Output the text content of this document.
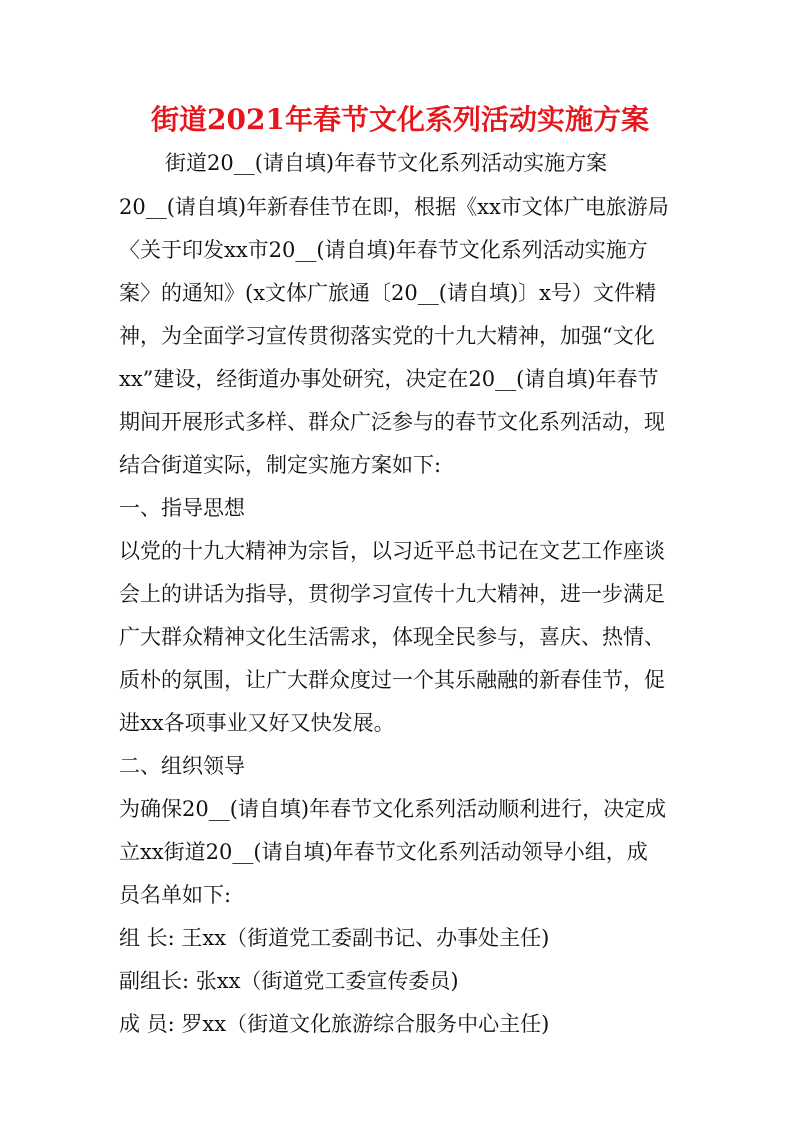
街道2021年春节文化系列活动实施方案
街道20__(请自填)年春节文化系列活动实施方案
20__(请自填)年新春佳节在即，根据《xx市文体广电旅游局
〈关于印发xx市20__(请自填)年春节文化系列活动实施方
案〉的通知》(x文体广旅通〔20__(请自填)〕x号）文件精
神，为全面学习宣传贯彻落实党的十九大精神，加强“文化
xx”建设，经街道办事处研究，决定在20__(请自填)年春节
期间开展形式多样、群众广泛参与的春节文化系列活动，现
结合街道实际，制定实施方案如下:
一、指导思想
以党的十九大精神为宗旨，以习近平总书记在文艺工作座谈
会上的讲话为指导，贯彻学习宣传十九大精神，进一步满足
广大群众精神文化生活需求，体现全民参与，喜庆、热情、
质朴的氛围，让广大群众度过一个其乐融融的新春佳节，促
进xx各项事业又好又快发展。
二、组织领导
为确保20__(请自填)年春节文化系列活动顺利进行，决定成
立xx街道20__(请自填)年春节文化系列活动领导小组，成
员名单如下:
组 长: 王xx（街道党工委副书记、办事处主任)
副组长: 张xx（街道党工委宣传委员)
成 员: 罗xx（街道文化旅游综合服务中心主任)
